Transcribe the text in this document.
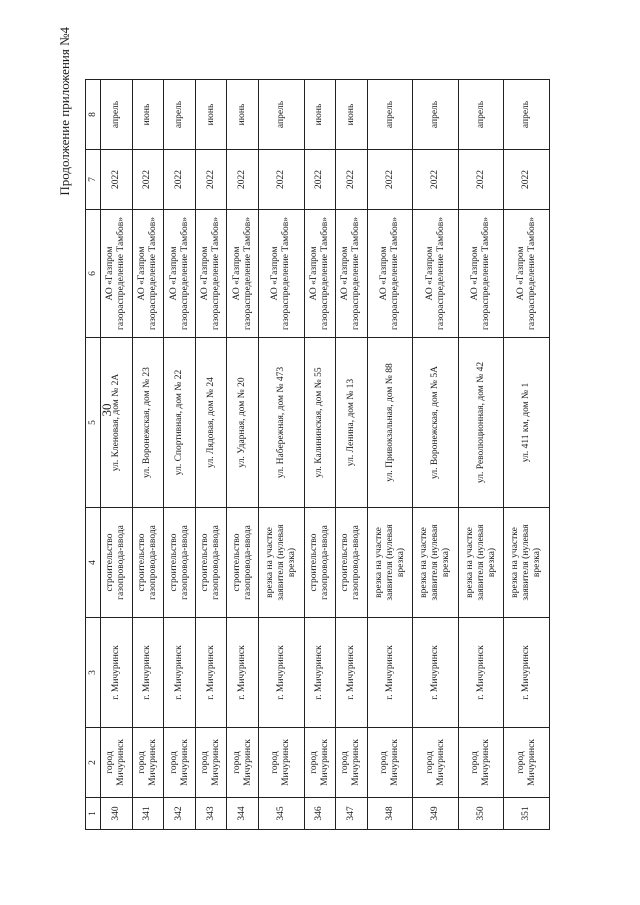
30
Продолжение приложения №4
1	2	3	4	5	6	7	8
340	город Мичуринск	г. Мичуринск	строительство газопровода-ввода	ул. Кленовая, дом № 2А	АО «Газпром газораспределение Тамбов»	2022	апрель
341	город Мичуринск	г. Мичуринск	строительство газопровода-ввода	ул. Воронежская, дом № 23	АО «Газпром газораспределение Тамбов»	2022	июнь
342	город Мичуринск	г. Мичуринск	строительство газопровода-ввода	ул. Спортивная, дом № 22	АО «Газпром газораспределение Тамбов»	2022	апрель
343	город Мичуринск	г. Мичуринск	строительство газопровода-ввода	ул. Лядовая, дом № 24	АО «Газпром газораспределение Тамбов»	2022	июнь
344	город Мичуринск	г. Мичуринск	строительство газопровода-ввода	ул. Ударная, дом № 20	АО «Газпром газораспределение Тамбов»	2022	июнь
345	город Мичуринск	г. Мичуринск	врезка на участке заявителя (нулевая врезка)	ул. Набережная, дом № 473	АО «Газпром газораспределение Тамбов»	2022	апрель
346	город Мичуринск	г. Мичуринск	строительство газопровода-ввода	ул. Калининская, дом № 55	АО «Газпром газораспределение Тамбов»	2022	июнь
347	город Мичуринск	г. Мичуринск	строительство газопровода-ввода	ул. Ленина, дом № 13	АО «Газпром газораспределение Тамбов»	2022	июнь
348	город Мичуринск	г. Мичуринск	врезка на участке заявителя (нулевая врезка)	ул. Привокзальная, дом № 88	АО «Газпром газораспределение Тамбов»	2022	апрель
349	город Мичуринск	г. Мичуринск	врезка на участке заявителя (нулевая врезка)	ул. Воронежская, дом № 5А	АО «Газпром газораспределение Тамбов»	2022	апрель
350	город Мичуринск	г. Мичуринск	врезка на участке заявителя (нулевая врезка)	ул. Революционная, дом № 42	АО «Газпром газораспределение Тамбов»	2022	апрель
351	город Мичуринск	г. Мичуринск	врезка на участке заявителя (нулевая врезка)	ул. 411 км, дом № 1	АО «Газпром газораспределение Тамбов»	2022	апрель
